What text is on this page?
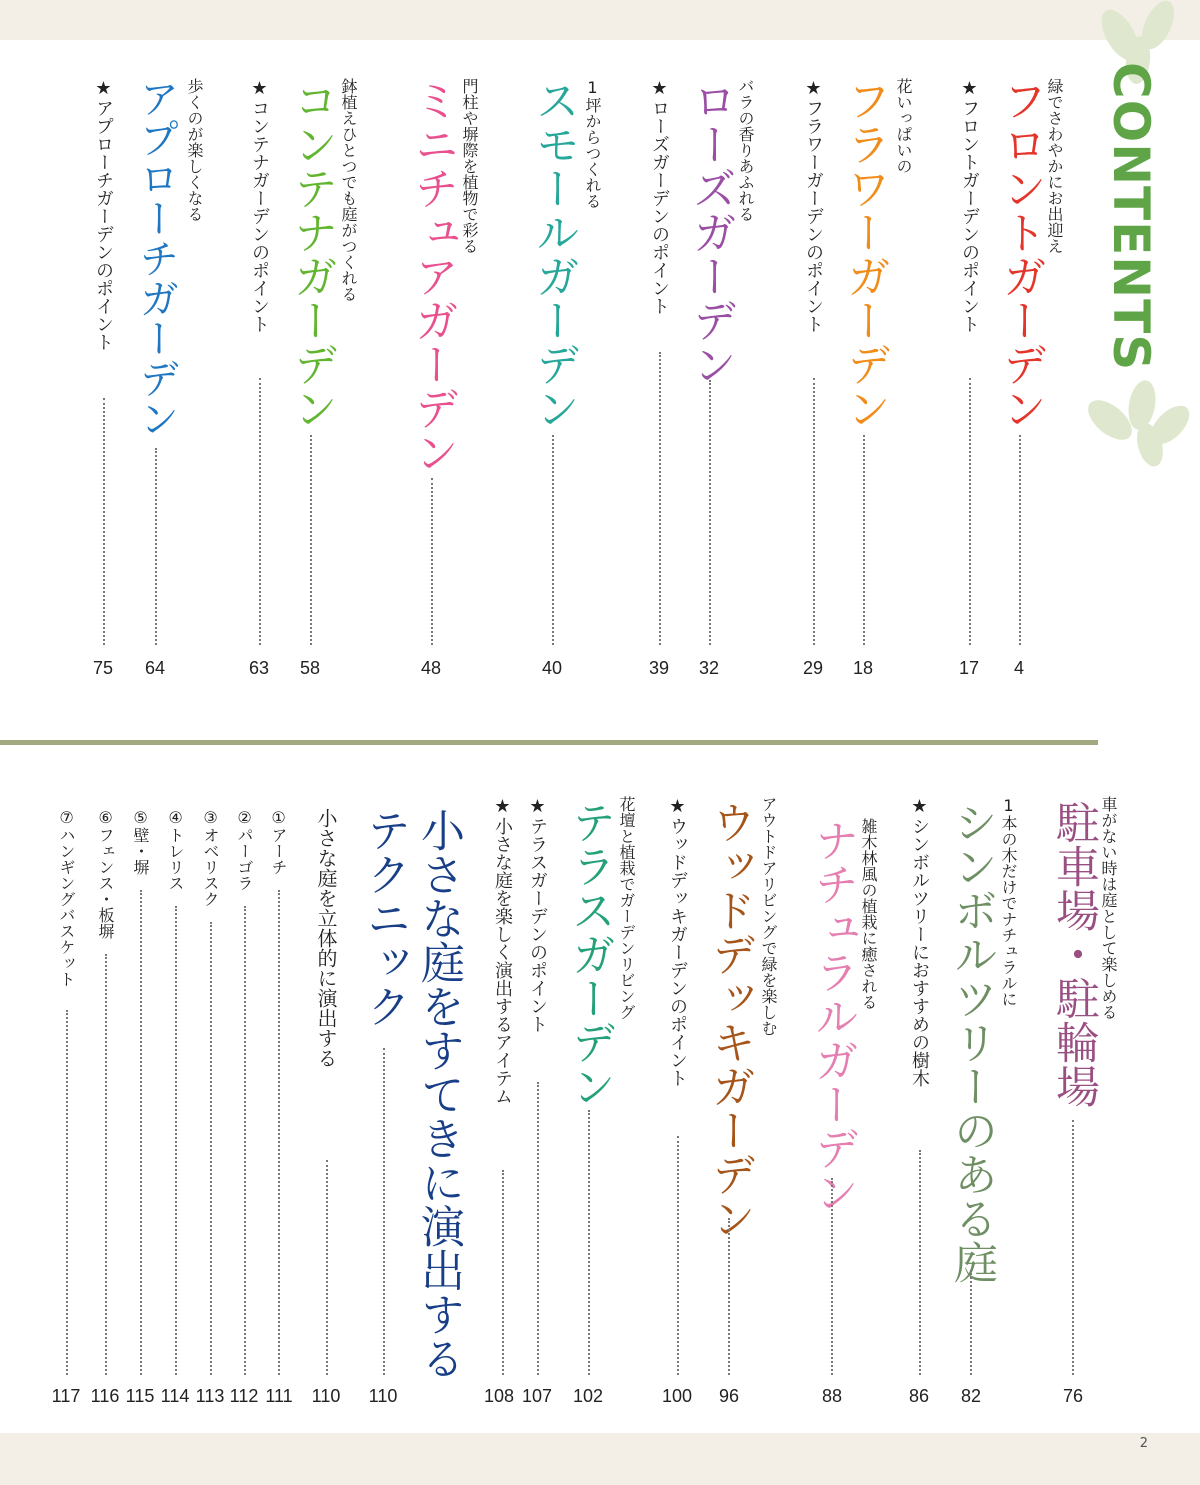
2
CONTENTS
緑でさわやかにお出迎え
フロントガーデン
4
★フロントガーデンのポイント
17
花いっぱいの
フラワーガーデン
18
★フラワーガーデンのポイント
29
バラの香りあふれる
ローズガーデン
32
★ローズガーデンのポイント
39
1坪からつくれる
スモールガーデン
40
門柱や塀際を植物で彩る
ミニチュアガーデン
48
鉢植えひとつでも庭がつくれる
コンテナガーデン
58
★コンテナガーデンのポイント
63
歩くのが楽しくなる
アプローチガーデン
64
★アプローチガーデンのポイント
75
車がない時は庭として楽しめる
駐車場・駐輪場
76
1本の木だけでナチュラルに
シンボルツリーのある庭
82
★シンボルツリーにおすすめの樹木
86
雑木林風の植栽に癒される
ナチュラルガーデン
88
アウトドアリビングで緑を楽しむ
ウッドデッキガーデン
96
★ウッドデッキガーデンのポイント
100
花壇と植栽でガーデンリビング
テラスガーデン
102
★テラスガーデンのポイント
107
★小さな庭を楽しく演出するアイテム
108
小さな庭をすてきに演出する
テクニック
110
小さな庭を立体的に演出する
110
①アーチ
111
②パーゴラ
112
③オベリスク
113
④トレリス
114
⑤壁・塀
115
⑥フェンス・板塀
116
⑦ハンギングバスケット
117
